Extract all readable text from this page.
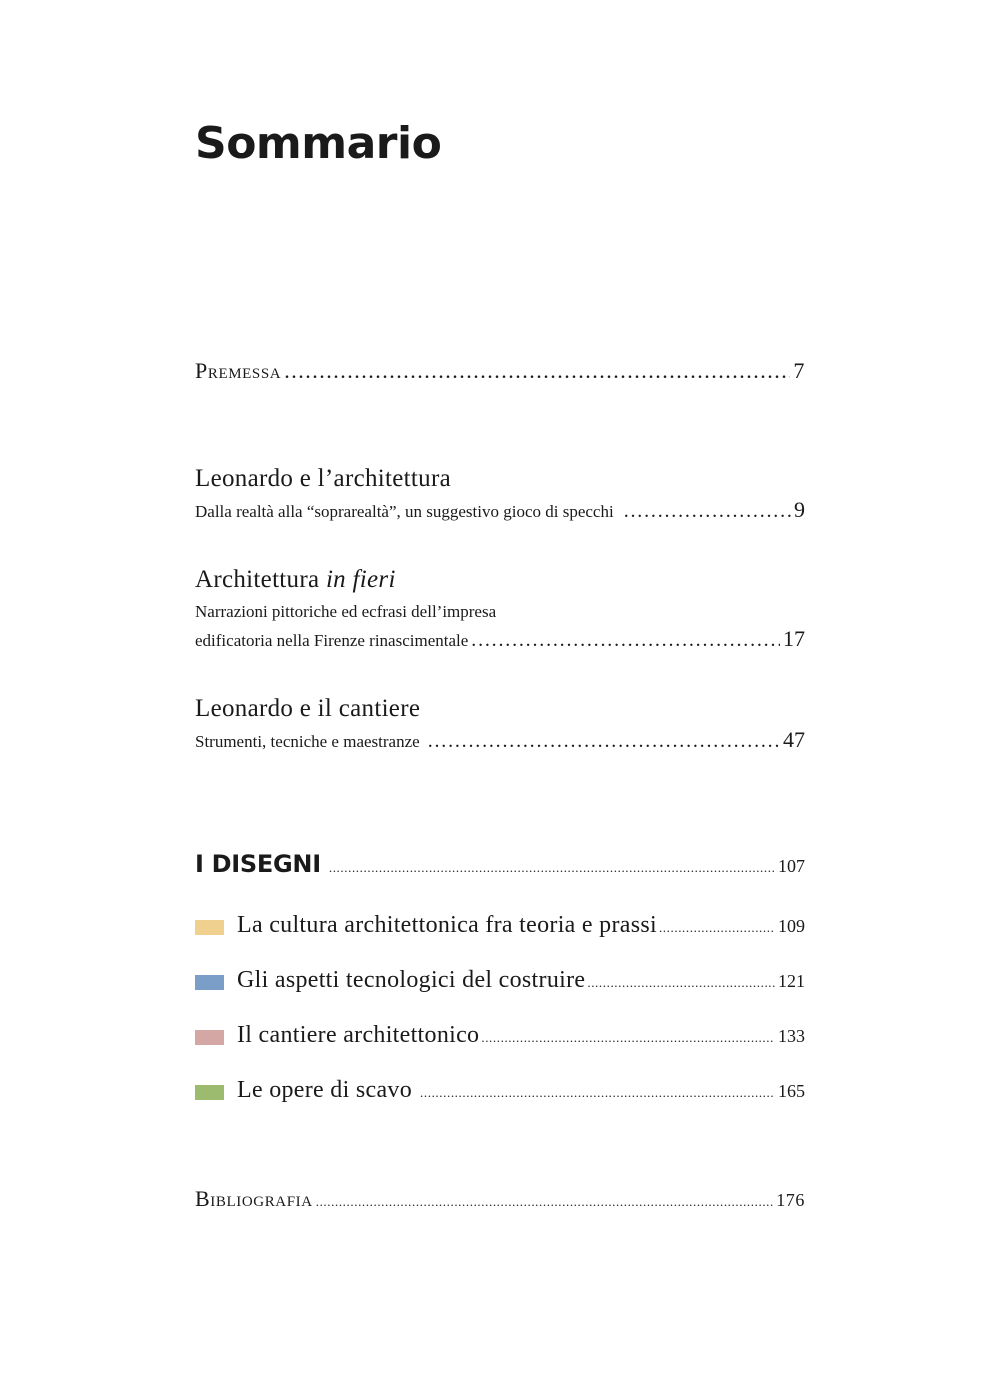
Sommario
Premessa .....	7
Leonardo e l’architettura
Dalla realtà alla “soprarealtà”, un suggestivo gioco di specchi .....	9
Architettura in fieri

Narrazioni pittoriche ed ecfrasi dell’impresa

edificatoria nella Firenze rinascimentale .....	17
Leonardo e il cantiere
Strumenti, tecniche e maestranze .....	47
I DISEGNI .....	107
La cultura architettonica fra teoria e prassi .....	109
Gli aspetti tecnologici del costruire .....	121
Il cantiere architettonico .....	133
Le opere di scavo .....	165
Bibliografia .....	176
